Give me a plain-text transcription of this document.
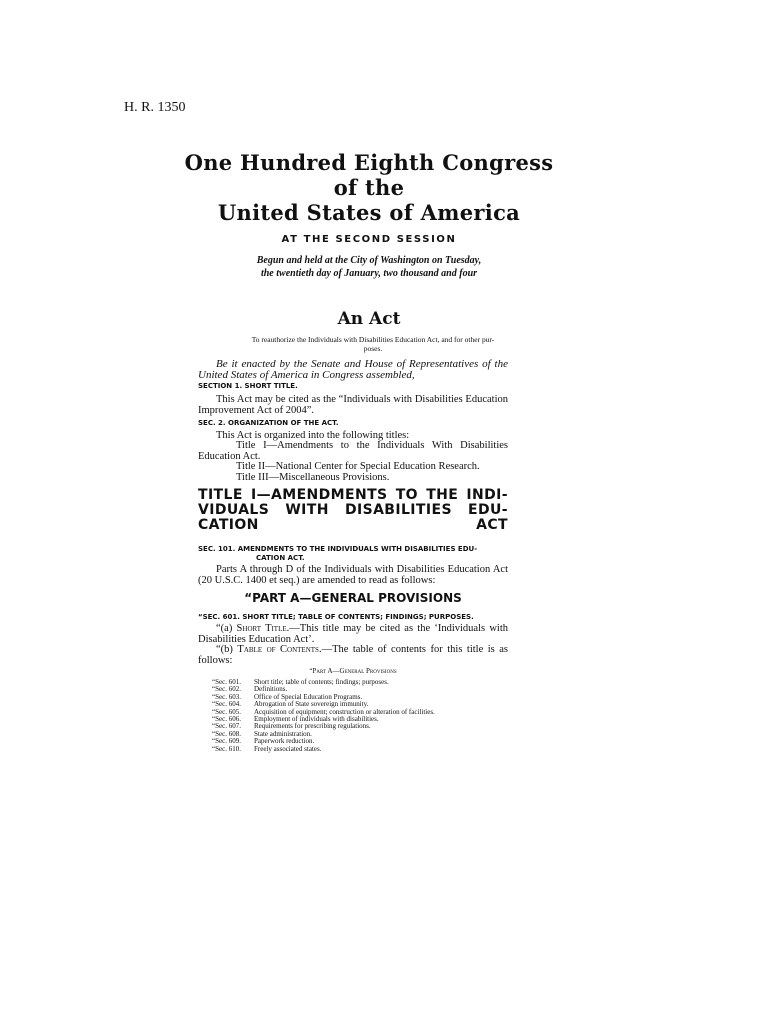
H. R. 1350
One Hundred Eighth Congress
of the
United States of America
AT THE SECOND SESSION
Begun and held at the City of Washington on Tuesday,
the twentieth day of January, two thousand and four
An Act
To reauthorize the Individuals with Disabilities Education Act, and for other pur-
poses.
Be it enacted by the Senate and House of Representatives of the United States of America in Congress assembled,
SECTION 1. SHORT TITLE.
This Act may be cited as the “Individuals with Disabilities Education Improvement Act of 2004”.
SEC. 2. ORGANIZATION OF THE ACT.
This Act is organized into the following titles:
Title I—Amendments to the Individuals With Disabilities Education Act.
Title II—National Center for Special Education Research.
Title III—Miscellaneous Provisions.
TITLE I—AMENDMENTS TO THE INDI- VIDUALS WITH DISABILITIES EDU- CATION ACT
SEC. 101. AMENDMENTS TO THE INDIVIDUALS WITH DISABILITIES EDU-
CATION ACT.
Parts A through D of the Individuals with Disabilities Education Act (20 U.S.C. 1400 et seq.) are amended to read as follows:
“PART A—GENERAL PROVISIONS
“SEC. 601. SHORT TITLE; TABLE OF CONTENTS; FINDINGS; PURPOSES.
“(a) Short Title.—This title may be cited as the ‘Individuals with Disabilities Education Act’.
“(b) Table of Contents.—The table of contents for this title is as follows:
“Part A—General Provisions
“Sec. 601.	Short title; table of contents; findings; purposes.
“Sec. 602.	Definitions.
“Sec. 603.	Office of Special Education Programs.
“Sec. 604.	Abrogation of State sovereign immunity.
“Sec. 605.	Acquisition of equipment; construction or alteration of facilities.
“Sec. 606.	Employment of individuals with disabilities.
“Sec. 607.	Requirements for prescribing regulations.
“Sec. 608.	State administration.
“Sec. 609.	Paperwork reduction.
“Sec. 610.	Freely associated states.
